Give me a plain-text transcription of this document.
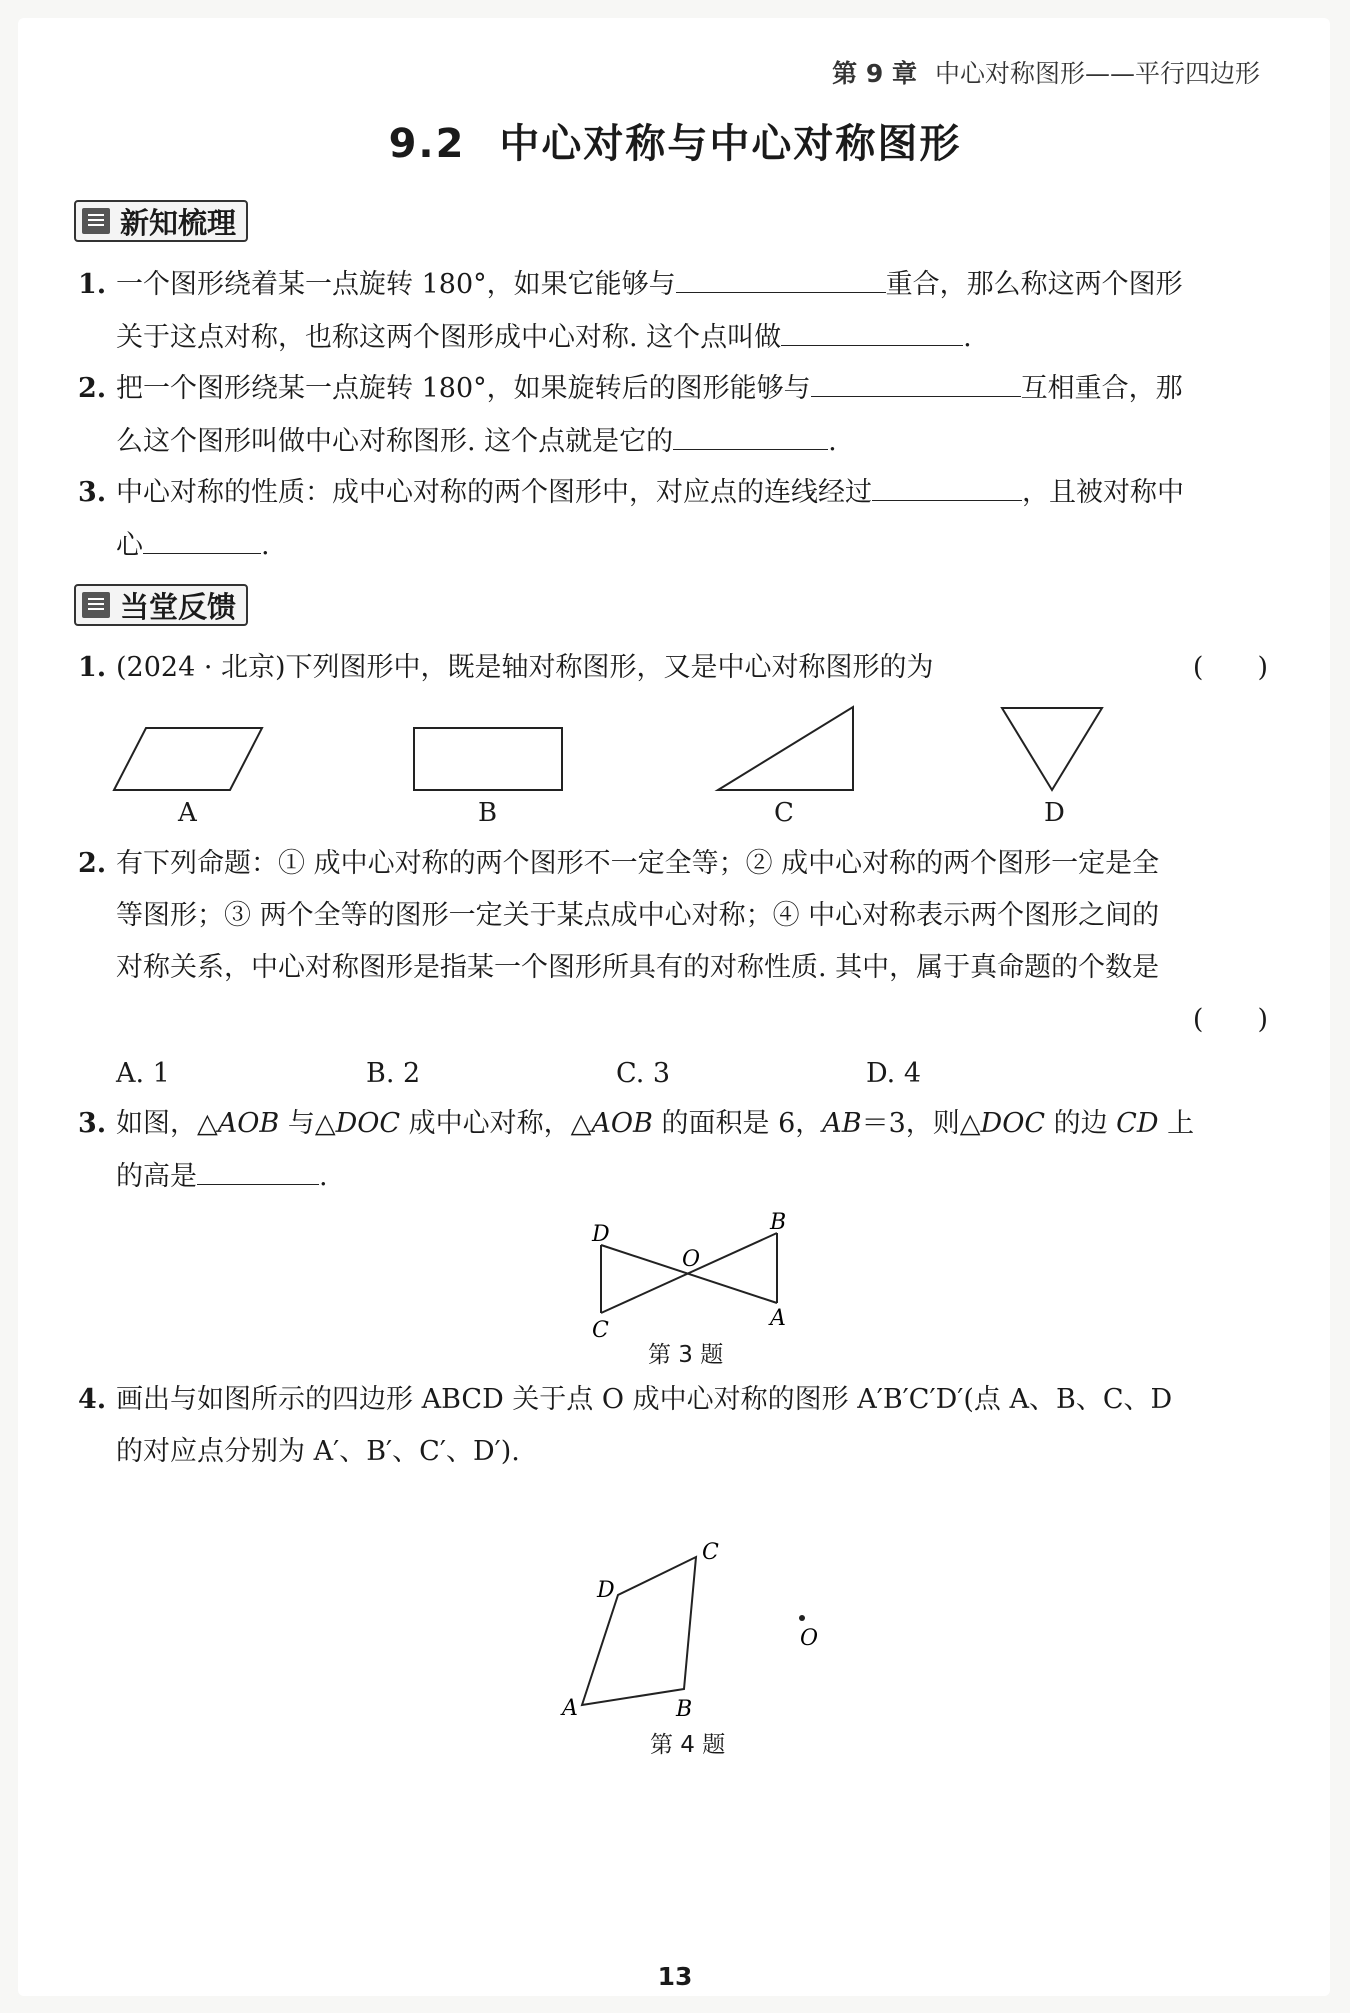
第 9 章 中心对称图形——平行四边形
9.2 中心对称与中心对称图形
新知梳理
1. 一个图形绕着某一点旋转 180°，如果它能够与	重合，那么称这两个图形
关于这点对称，也称这两个图形成中心对称. 这个点叫做	.
2. 把一个图形绕某一点旋转 180°，如果旋转后的图形能够与	互相重合，那
么这个图形叫做中心对称图形. 这个点就是它的	.
3. 中心对称的性质：成中心对称的两个图形中，对应点的连线经过	，且被对称中
心	.
当堂反馈
1. (2024 · 北京)下列图形中，既是轴对称图形，又是中心对称图形的为	(　　)
A	B	C	D
2. 有下列命题：① 成中心对称的两个图形不一定全等；② 成中心对称的两个图形一定是全
等图形；③ 两个全等的图形一定关于某点成中心对称；④ 中心对称表示两个图形之间的
对称关系，中心对称图形是指某一个图形所具有的对称性质. 其中，属于真命题的个数是
(　　)
A. 1	B. 2	C. 3	D. 4
3. 如图，△AOB 与△DOC 成中心对称，△AOB 的面积是 6，AB＝3，则△DOC 的边 CD 上
的高是	.
D
O
B
C	A
第 3 题
4. 画出与如图所示的四边形 ABCD 关于点 O 成中心对称的图形 A′B′C′D′(点 A、B、C、D
的对应点分别为 A′、B′、C′、D′).
A	B
C
D
O
第 4 题
13
